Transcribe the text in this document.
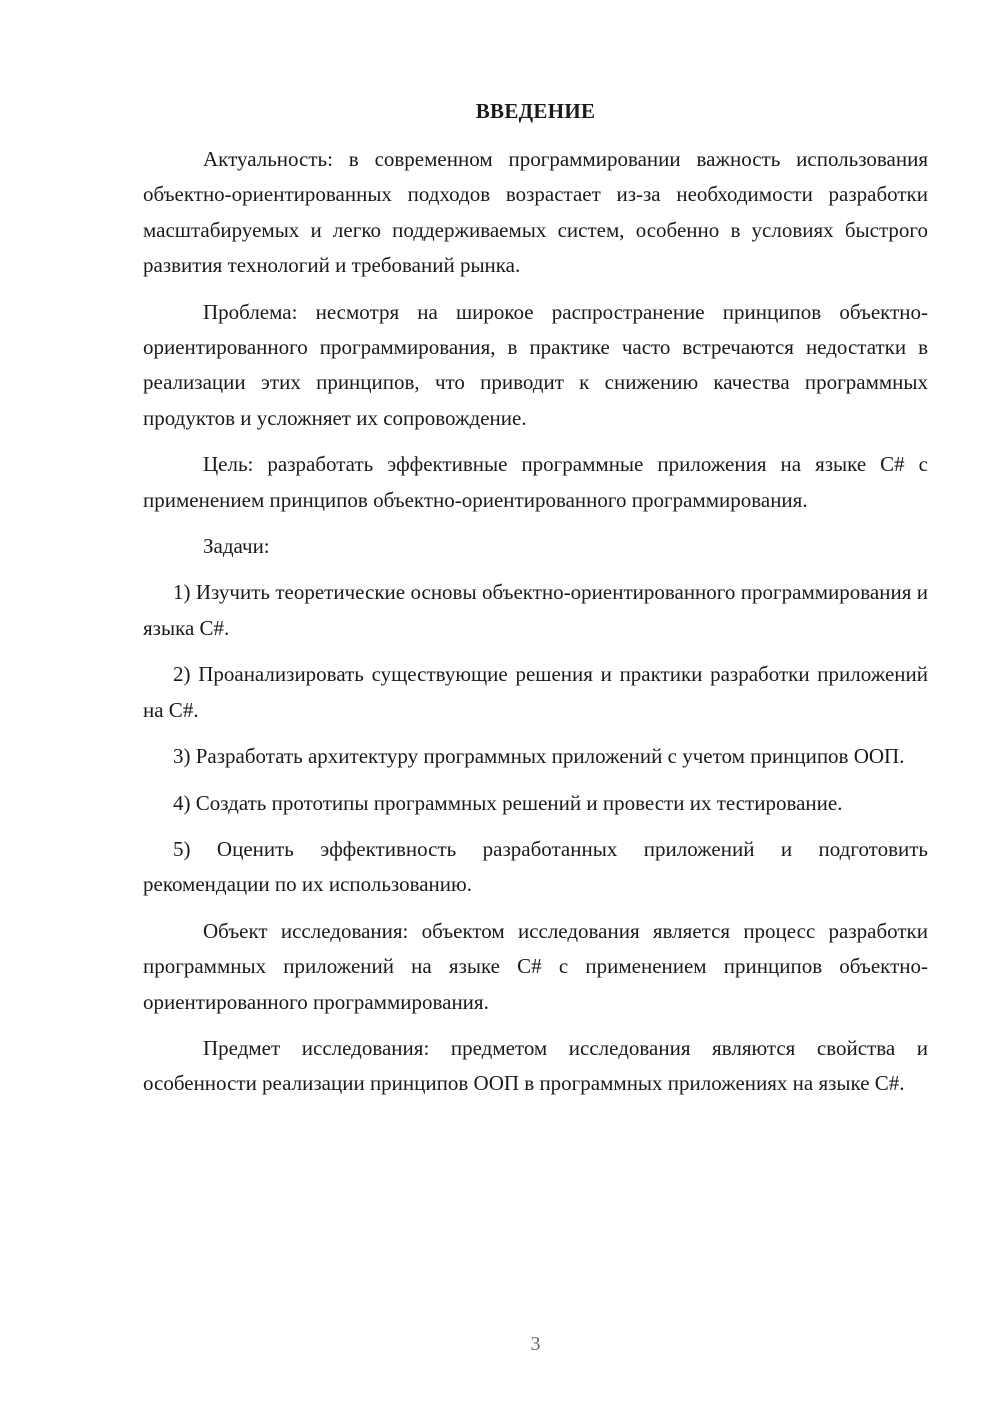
ВВЕДЕНИЕ

Актуальность: в современном программировании важность использования объектно-ориентированных подходов возрастает из-за необходимости разработки масштабируемых и легко поддерживаемых систем, особенно в условиях быстрого развития технологий и требований рынка.

Проблема: несмотря на широкое распространение принципов объектно-ориентированного программирования, в практике часто встречаются недостатки в реализации этих принципов, что приводит к снижению качества программных продуктов и усложняет их сопровождение.

Цель: разработать эффективные программные приложения на языке C# с применением принципов объектно-ориентированного программирования.

Задачи:

1) Изучить теоретические основы объектно-ориентированного программирования и языка C#.

2) Проанализировать существующие решения и практики разработки приложений на C#.

3) Разработать архитектуру программных приложений с учетом принципов ООП.

4) Создать прототипы программных решений и провести их тестирование.

5) Оценить эффективность разработанных приложений и подготовить рекомендации по их использованию.

Объект исследования: объектом исследования является процесс разработки программных приложений на языке C# с применением принципов объектно-ориентированного программирования.

Предмет исследования: предметом исследования являются свойства и особенности реализации принципов ООП в программных приложениях на языке C#.

3
